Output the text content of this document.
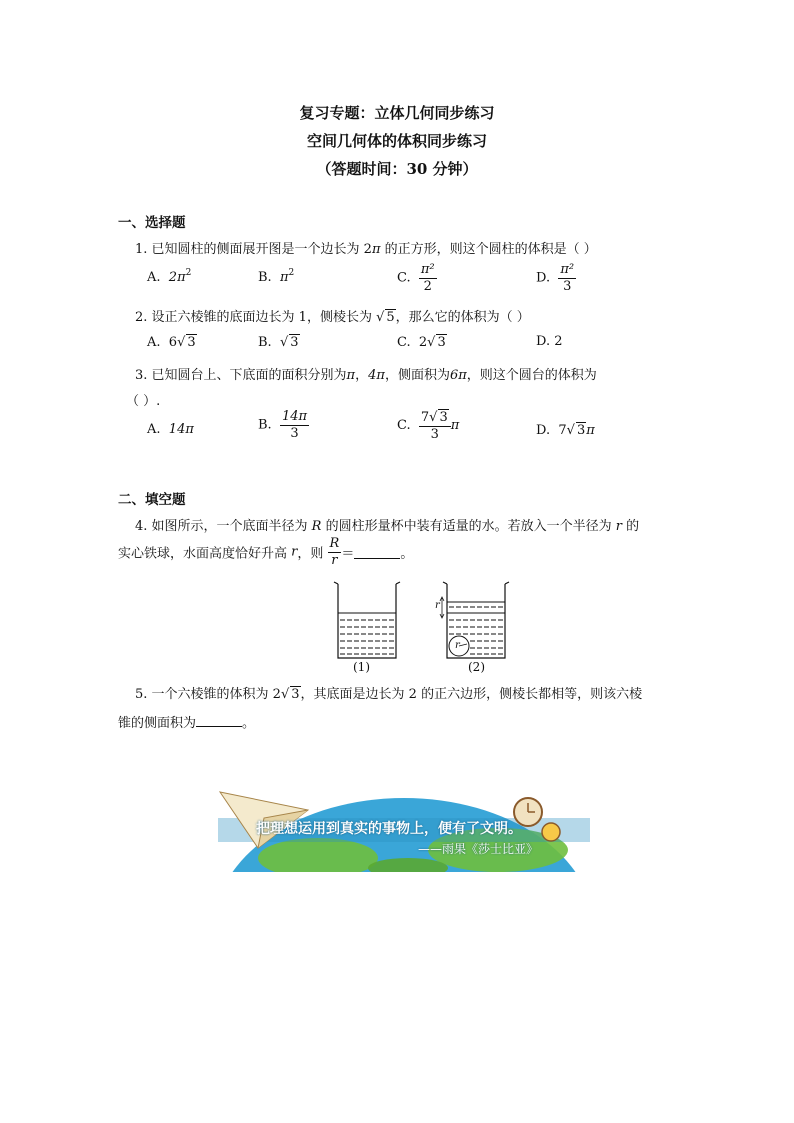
复习专题：立体几何同步练习
空间几何体的体积同步练习
（答题时间：30 分钟）
一、选择题
1. 已知圆柱的侧面展开图是一个边长为 2π 的正方形，则这个圆柱的体积是（ ）
A. $2\pi^2$	B. $\pi^2$	C. $\frac{\text{π²}}{2}$	D. $\frac{\text{π²}}{3}$
2. 设正六棱锥的底面边长为 1，侧棱长为 √ 5，那么它的体积为（ ）
A. 6√ 3	B. √ 3	C. 2√ 3	D. 2
3. 已知圆台上、下底面的面积分别为π，4π，侧面积为6π，则这个圆台的体积为
（ ）.
A. 14π	B. $\frac{14\pi}{3}$	C. $\frac{7√ 3}{3}$ π	D. 7√ 3π
二、填空题
4. 如图所示，一个底面半径为 R 的圆柱形量杯中装有适量的水。若放入一个半径为 r 的
实心铁球，水面高度恰好升高 r，则 $\frac{R}{r}$ ＝	。
r
r
(1)	(2)
5. 一个六棱锥的体积为 2√ 3，其底面是边长为 2 的正六边形，侧棱长都相等，则该六棱
锥的侧面积为	。
把理想运用到真实的事物上，便有了文明。
——雨果《莎士比亚》
